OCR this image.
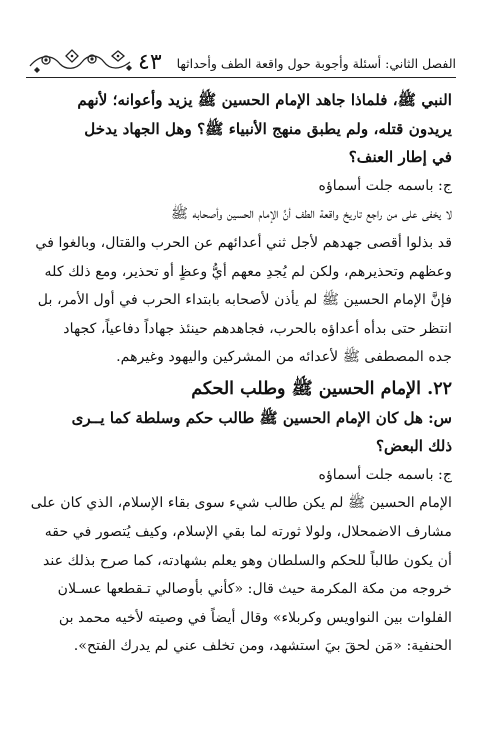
الفصل الثاني: أسئلة وأجوبة حول واقعة الطف وأحداثها
٤٣
النبي ﷺ، فلماذا جاهد الإمام الحسين ﷺ يزيد وأعوانه؛ لأنهم
يريدون قتله، ولم يطبق منهج الأنبياء ﷺ؟ وهل الجهاد يدخل
في إطار العنف؟
ج: باسمه جلت أسماؤه
لا يخفى على من راجع تاريخ واقعة الطف أنَّ الإمام الحسين وأصحابه ﷺ
قد بذلوا أقصى جهدهم لأجل ثني أعدائهم عن الحرب والقتال، وبالغوا في
وعظهم وتحذيرهم، ولكن لم يُجدِ معهم أيُّ وعظٍ أو تحذير، ومع ذلك كله
فإنَّ الإمام الحسين ﷺ لم يأذن لأصحابه بابتداء الحرب في أول الأمر، بل
انتظر حتى بدأه أعداؤه بالحرب، فجاهدهم حينئذ جهاداً دفاعياً، كجهاد
جده المصطفى ﷺ لأعدائه من المشركين واليهود وغيرهم.
٢٢. الإمام الحسين ﷺ وطلب الحكم
س: هل كان الإمام الحسين ﷺ طالب حكم وسلطة كما يــرى
ذلك البعض؟
ج: باسمه جلت أسماؤه
الإمام الحسين ﷺ لم يكن طالب شيء سوى بقاء الإسلام، الذي كان على
مشارف الاضمحلال، ولولا ثورته لما بقي الإسلام، وكيف يُتصور في حقه
أن يكون طالباً للحكم والسلطان وهو يعلم بشهادته، كما صرح بذلك عند
خروجه من مكة المكرمة حيث قال: «كأني بأوصالي تـقطعها عسـلان
الفلوات بين النواويس وكربلاء» وقال أيضاً في وصيته لأخيه محمد بن
الحنفية: «مَن لحقَ بيَ استشهد، ومن تخلف عني لم يدرك الفتح».
